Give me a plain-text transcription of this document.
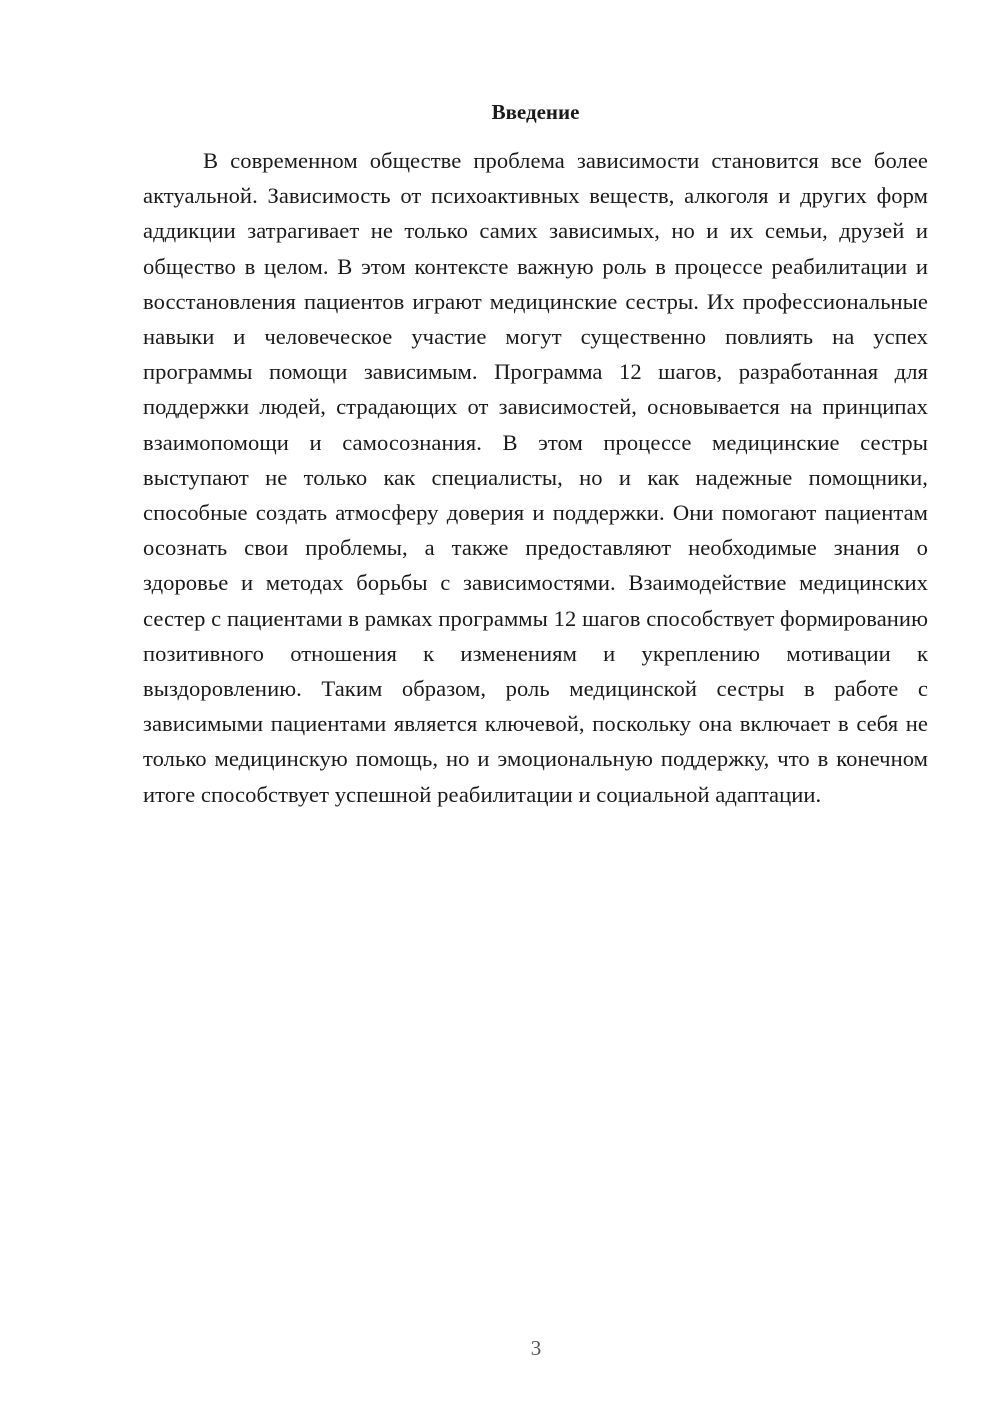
Введение

В современном обществе проблема зависимости становится все более актуальной. Зависимость от психоактивных веществ, алкоголя и других форм аддикции затрагивает не только самих зависимых, но и их семьи, друзей и общество в целом. В этом контексте важную роль в процессе реабилитации и восстановления пациентов играют медицинские сестры. Их профессиональные навыки и человеческое участие могут существенно повлиять на успех программы помощи зависимым. Программа 12 шагов, разработанная для поддержки людей, страдающих от зависимостей, основывается на принципах взаимопомощи и самосознания. В этом процессе медицинские сестры выступают не только как специалисты, но и как надежные помощники, способные создать атмосферу доверия и поддержки. Они помогают пациентам осознать свои проблемы, а также предоставляют необходимые знания о здоровье и методах борьбы с зависимостями. Взаимодействие медицинских сестер с пациентами в рамках программы 12 шагов способствует формированию позитивного отношения к изменениям и укреплению мотивации к выздоровлению. Таким образом, роль медицинской сестры в работе с зависимыми пациентами является ключевой, поскольку она включает в себя не только медицинскую помощь, но и эмоциональную поддержку, что в конечном итоге способствует успешной реабилитации и социальной адаптации.

3
